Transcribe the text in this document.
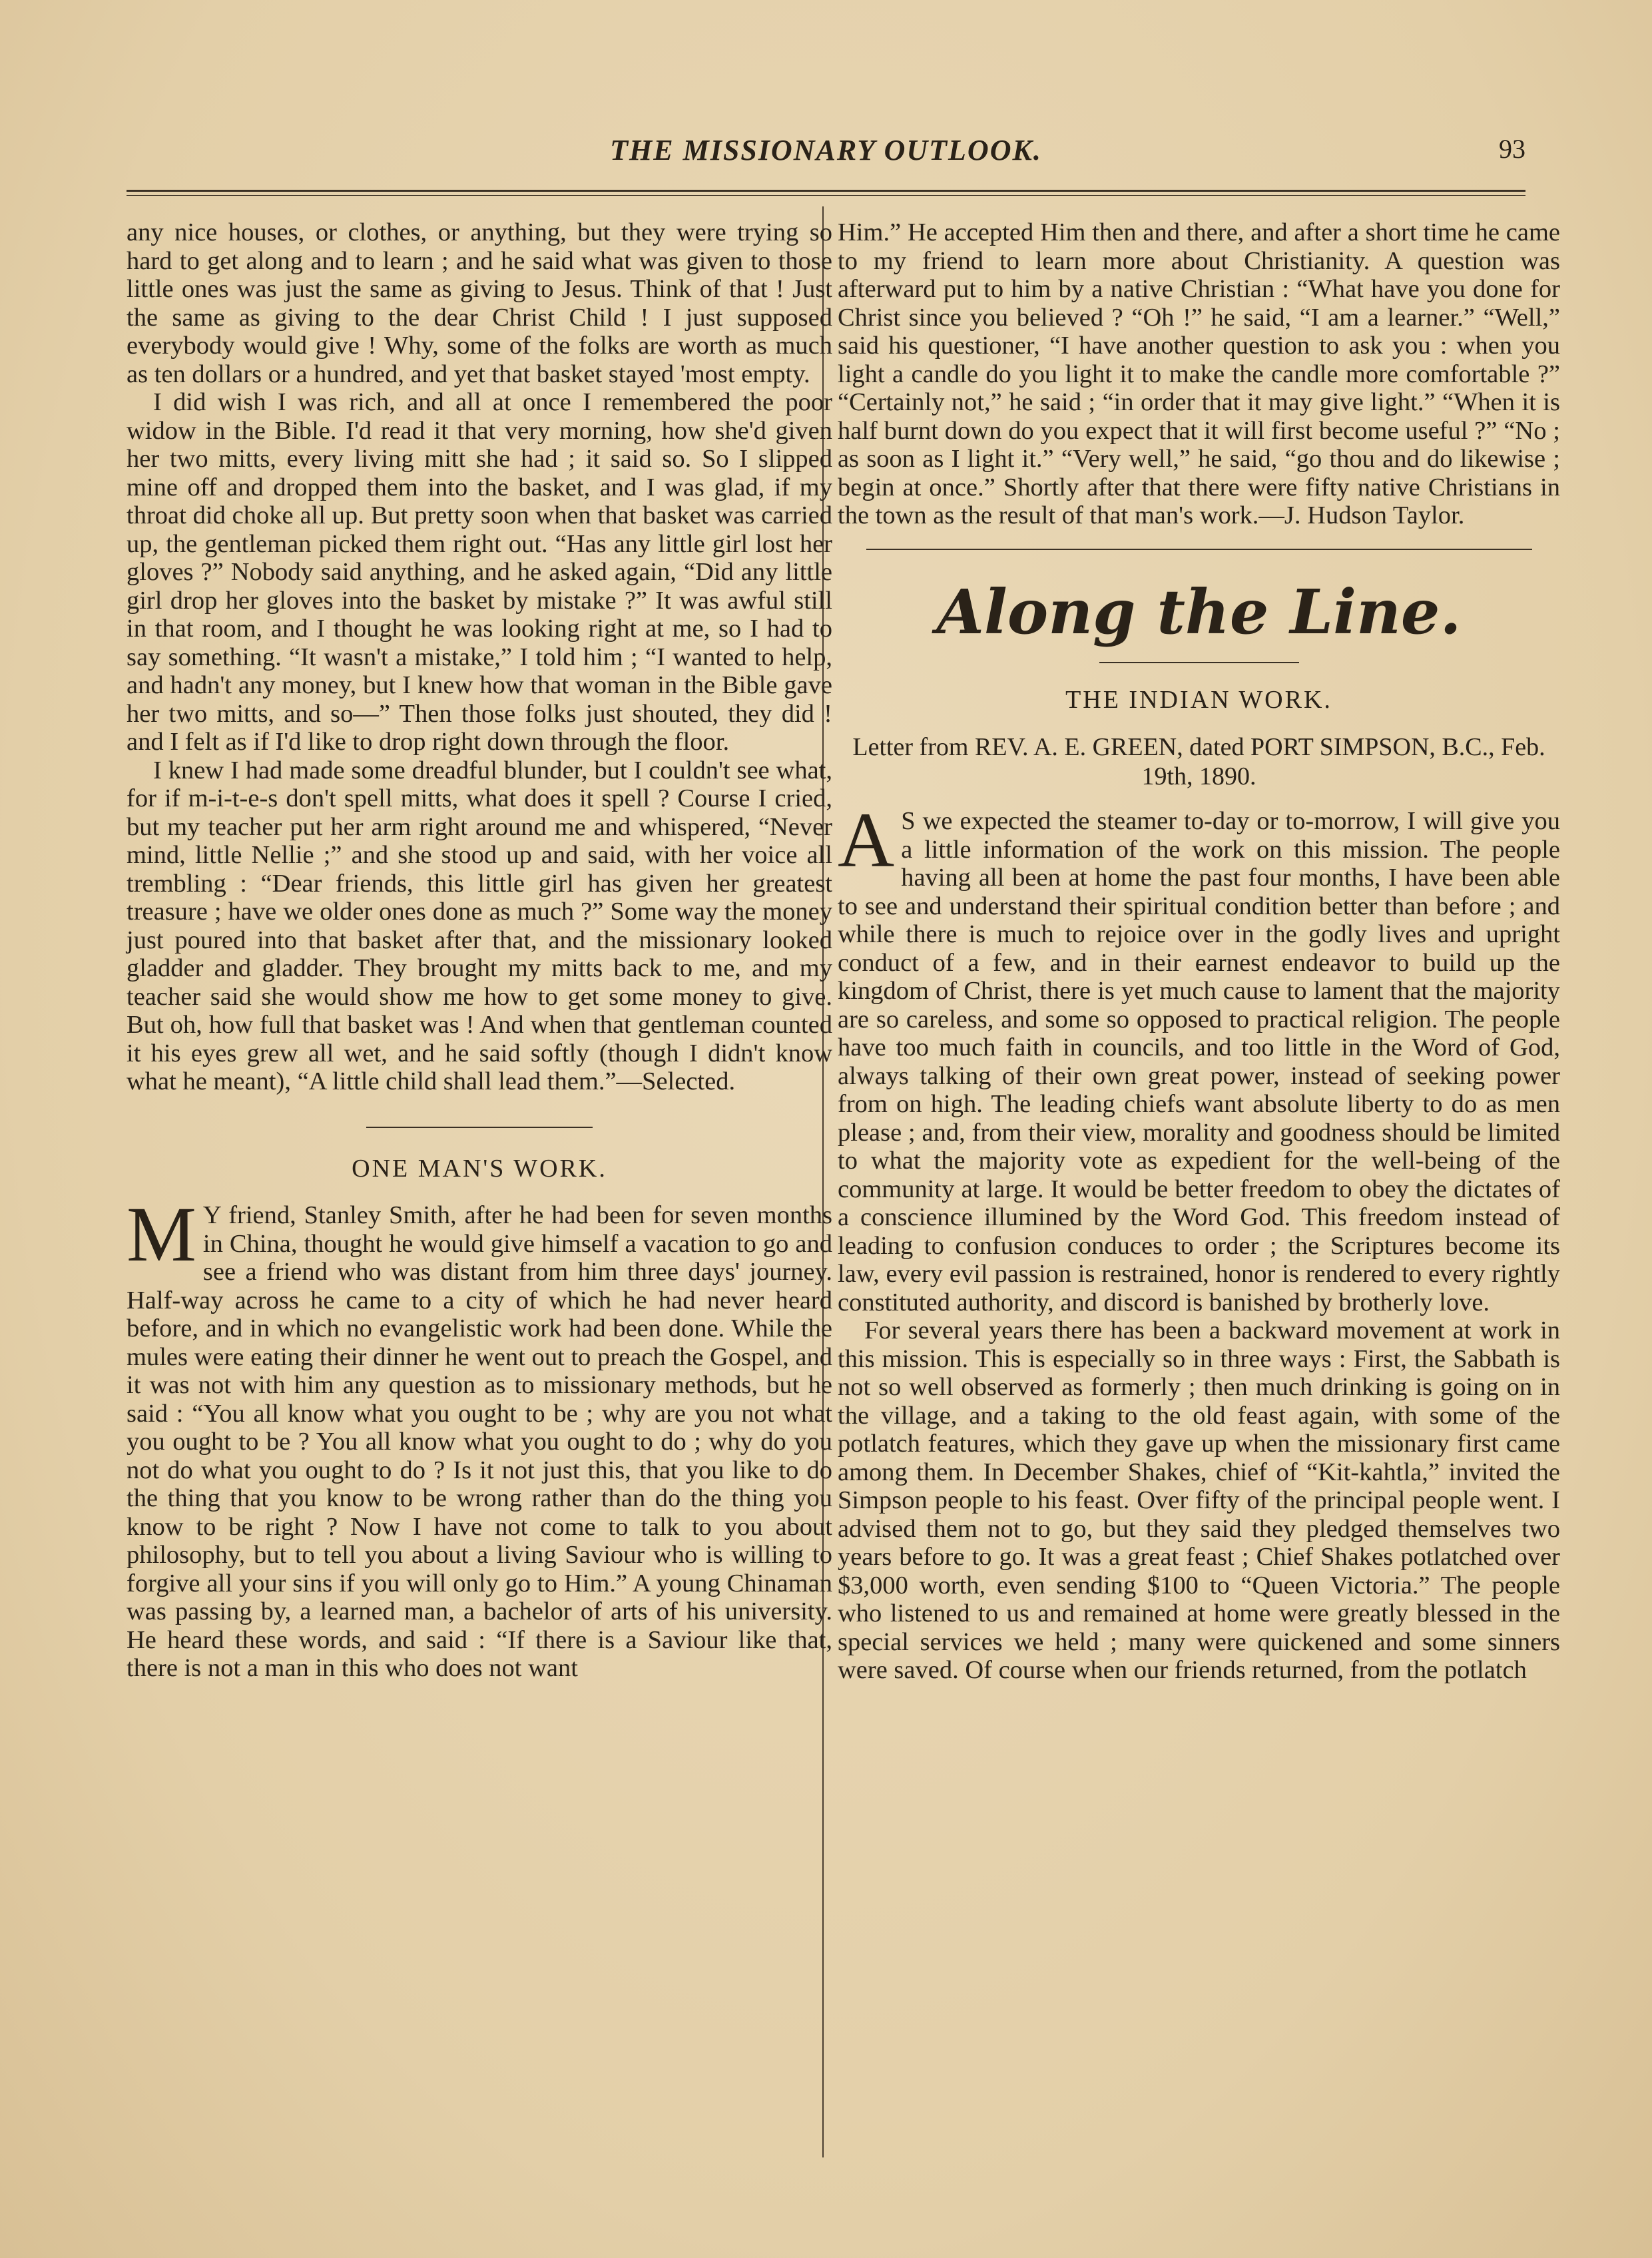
THE MISSIONARY OUTLOOK.	93

any nice houses, or clothes, or anything, but they were trying so hard to get along and to learn ; and he said what was given to those little ones was just the same as giving to Jesus. Think of that ! Just the same as giving to the dear Christ Child ! I just supposed everybody would give ! Why, some of the folks are worth as much as ten dollars or a hundred, and yet that basket stayed 'most empty.

I did wish I was rich, and all at once I remembered the poor widow in the Bible. I'd read it that very morning, how she'd given her two mitts, every living mitt she had ; it said so. So I slipped mine off and dropped them into the basket, and I was glad, if my throat did choke all up. But pretty soon when that basket was carried up, the gentleman picked them right out. “Has any little girl lost her gloves ?” Nobody said anything, and he asked again, “Did any little girl drop her gloves into the basket by mistake ?” It was awful still in that room, and I thought he was looking right at me, so I had to say something. “It wasn't a mistake,” I told him ; “I wanted to help, and hadn't any money, but I knew how that woman in the Bible gave her two mitts, and so—” Then those folks just shouted, they did ! and I felt as if I'd like to drop right down through the floor.

I knew I had made some dreadful blunder, but I couldn't see what, for if m-i-t-e-s don't spell mitts, what does it spell ? Course I cried, but my teacher put her arm right around me and whispered, “Never mind, little Nellie ;” and she stood up and said, with her voice all trembling : “Dear friends, this little girl has given her greatest treasure ; have we older ones done as much ?” Some way the money just poured into that basket after that, and the missionary looked gladder and gladder. They brought my mitts back to me, and my teacher said she would show me how to get some money to give. But oh, how full that basket was ! And when that gentleman counted it his eyes grew all wet, and he said softly (though I didn't know what he meant), “A little child shall lead them.”—Selected.

ONE MAN'S WORK.

M Y friend, Stanley Smith, after he had been for seven months in China, thought he would give himself a vacation to go and see a friend who was distant from him three days' journey. Half-way across he came to a city of which he had never heard before, and in which no evangelistic work had been done. While the mules were eating their dinner he went out to preach the Gospel, and it was not with him any question as to missionary methods, but he said : “You all know what you ought to be ; why are you not what you ought to be ? You all know what you ought to do ; why do you not do what you ought to do ? Is it not just this, that you like to do the thing that you know to be wrong rather than do the thing you know to be right ? Now I have not come to talk to you about philosophy, but to tell you about a living Saviour who is willing to forgive all your sins if you will only go to Him.” A young Chinaman was passing by, a learned man, a bachelor of arts of his university. He heard these words, and said : “If there is a Saviour like that, there is not a man in this who does not want

Him.” He accepted Him then and there, and after a short time he came to my friend to learn more about Christianity. A question was afterward put to him by a native Christian : “What have you done for Christ since you believed ? “Oh !” he said, “I am a learner.” “Well,” said his questioner, “I have another question to ask you : when you light a candle do you light it to make the candle more comfortable ?” “Certainly not,” he said ; “in order that it may give light.” “When it is half burnt down do you expect that it will first become useful ?” “No ; as soon as I light it.” “Very well,” he said, “go thou and do likewise ; begin at once.” Shortly after that there were fifty native Christians in the town as the result of that man's work.—J. Hudson Taylor.

Along the Line.
THE INDIAN WORK.
Letter from REV. A. E. GREEN, dated PORT SIMPSON, B.C., Feb. 19th, 1890.

A S we expected the steamer to-day or to-morrow, I will give you a little information of the work on this mission. The people having all been at home the past four months, I have been able to see and understand their spiritual condition better than before ; and while there is much to rejoice over in the godly lives and upright conduct of a few, and in their earnest endeavor to build up the kingdom of Christ, there is yet much cause to lament that the majority are so careless, and some so opposed to practical religion. The people have too much faith in councils, and too little in the Word of God, always talking of their own great power, instead of seeking power from on high. The leading chiefs want absolute liberty to do as men please ; and, from their view, morality and goodness should be limited to what the majority vote as expedient for the well-being of the community at large. It would be better freedom to obey the dictates of a conscience illumined by the Word God. This freedom instead of leading to confusion conduces to order ; the Scriptures become its law, every evil passion is restrained, honor is rendered to every rightly constituted authority, and discord is banished by brotherly love.

For several years there has been a backward movement at work in this mission. This is especially so in three ways : First, the Sabbath is not so well observed as formerly ; then much drinking is going on in the village, and a taking to the old feast again, with some of the potlatch features, which they gave up when the missionary first came among them. In December Shakes, chief of “Kit-kahtla,” invited the Simpson people to his feast. Over fifty of the principal people went. I advised them not to go, but they said they pledged themselves two years before to go. It was a great feast ; Chief Shakes potlatched over $3,000 worth, even sending $100 to “Queen Victoria.” The people who listened to us and remained at home were greatly blessed in the special services we held ; many were quickened and some sinners were saved. Of course when our friends returned, from the potlatch
